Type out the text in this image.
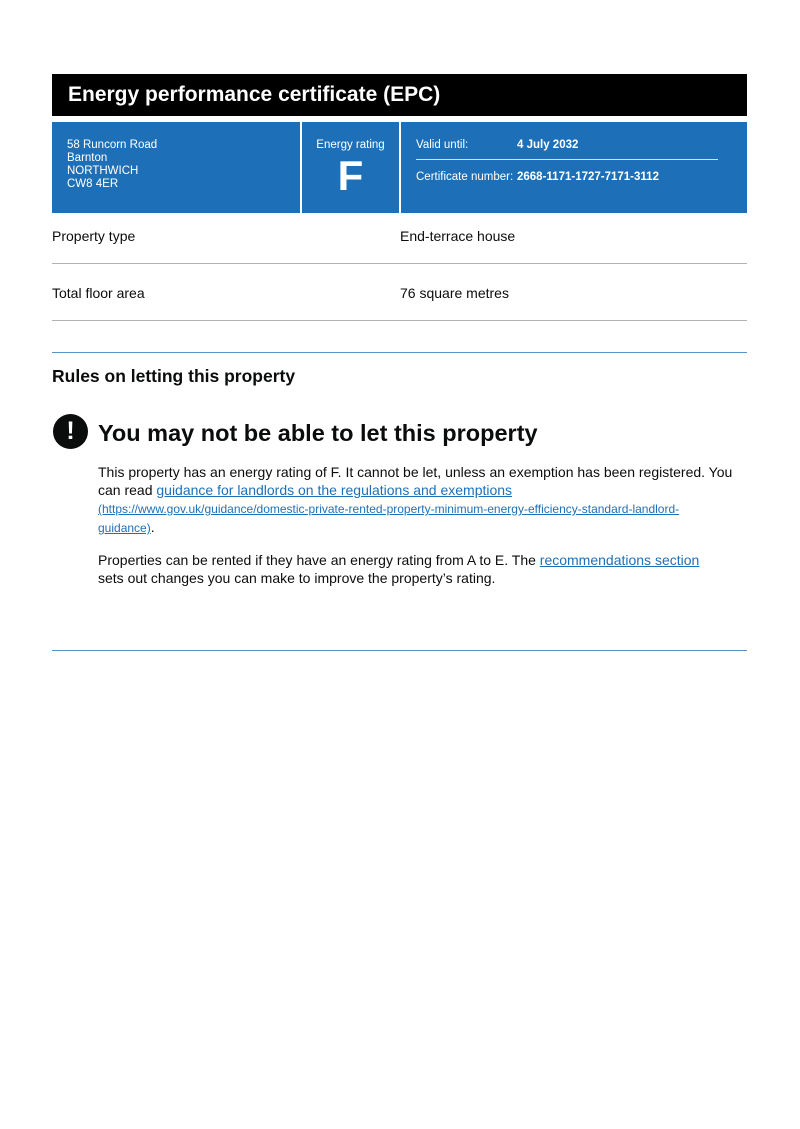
Energy performance certificate (EPC)
58 Runcorn Road
Barnton
NORTHWICH
CW8 4ER
Energy rating
F
Valid until:	4 July 2032
Certificate number: 2668-1171-1727-7171-3112
Property type	End-terrace house
Total floor area	76 square metres
Rules on letting this property
! You may not be able to let this property
This property has an energy rating of F. It cannot be let, unless an exemption has been registered. You can read guidance for landlords on the regulations and exemptions
(https://www.gov.uk/guidance/domestic-private-rented-property-minimum-energy-efficiency-standard-landlord-
guidance).
Properties can be rented if they have an energy rating from A to E. The recommendations section
sets out changes you can make to improve the property’s rating.
